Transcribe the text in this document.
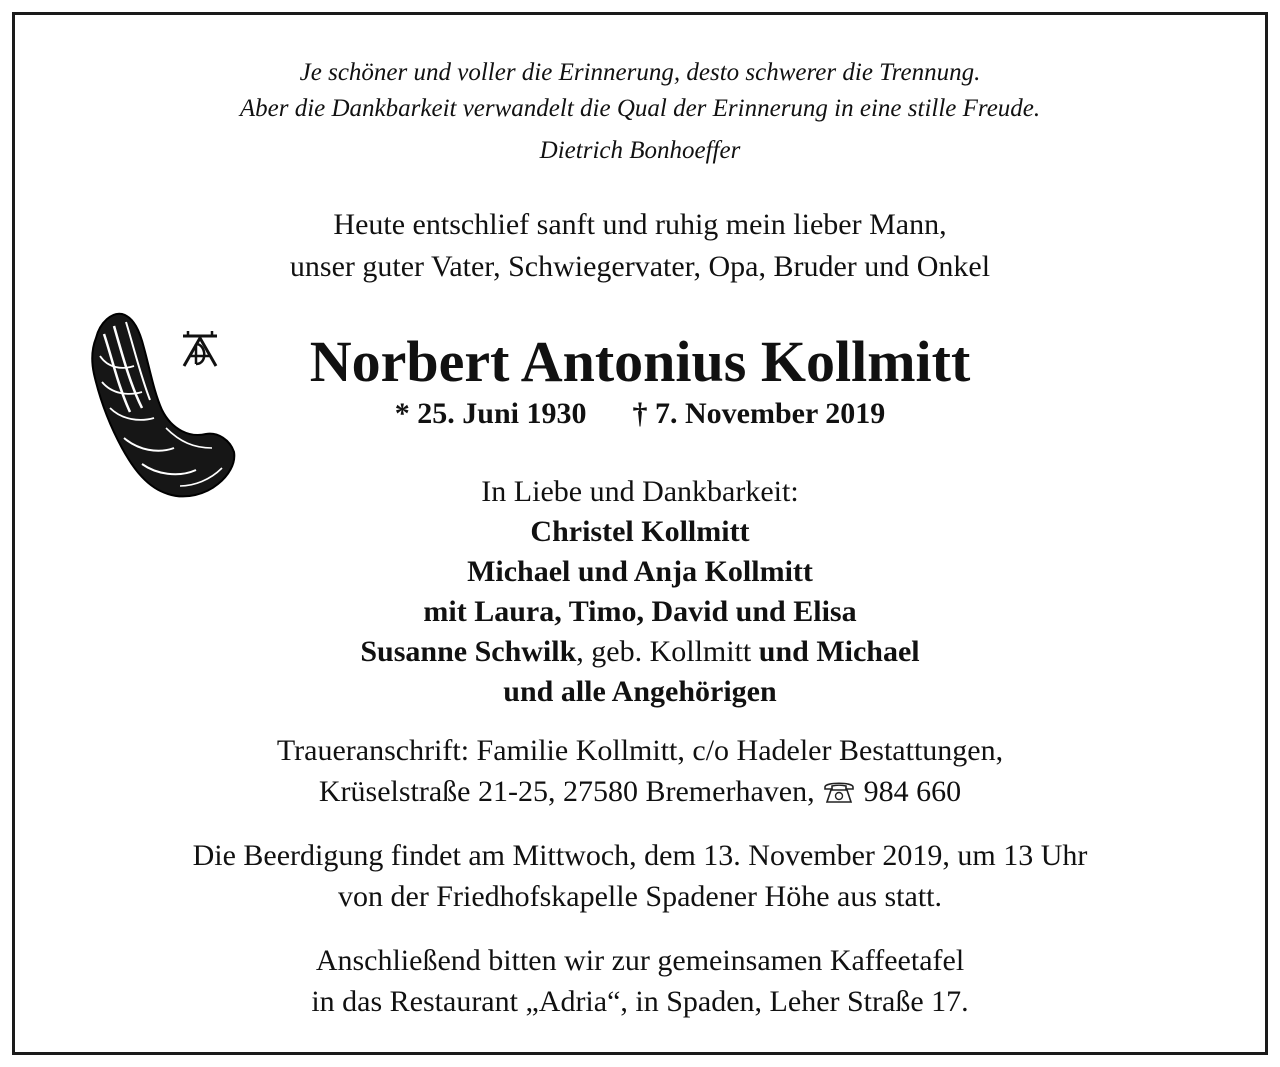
Je schöner und voller die Erinnerung, desto schwerer die Trennung.
Aber die Dankbarkeit verwandelt die Qual der Erinnerung in eine stille Freude.
Dietrich Bonhoeffer
Heute entschlief sanft und ruhig mein lieber Mann,
unser guter Vater, Schwiegervater, Opa, Bruder und Onkel
Norbert Antonius Kollmitt
* 25. Juni 1930 † 7. November 2019
In Liebe und Dankbarkeit:
Christel Kollmitt
Michael und Anja Kollmitt
mit Laura, Timo, David und Elisa
Susanne Schwilk, geb. Kollmitt und Michael
und alle Angehörigen
Traueranschrift: Familie Kollmitt, c/o Hadeler Bestattungen,
Krüselstraße 21-25, 27580 Bremerhaven, 984 660
Die Beerdigung findet am Mittwoch, dem 13. November 2019, um 13 Uhr
von der Friedhofskapelle Spadener Höhe aus statt.
Anschließend bitten wir zur gemeinsamen Kaffeetafel
in das Restaurant „Adria“, in Spaden, Leher Straße 17.
